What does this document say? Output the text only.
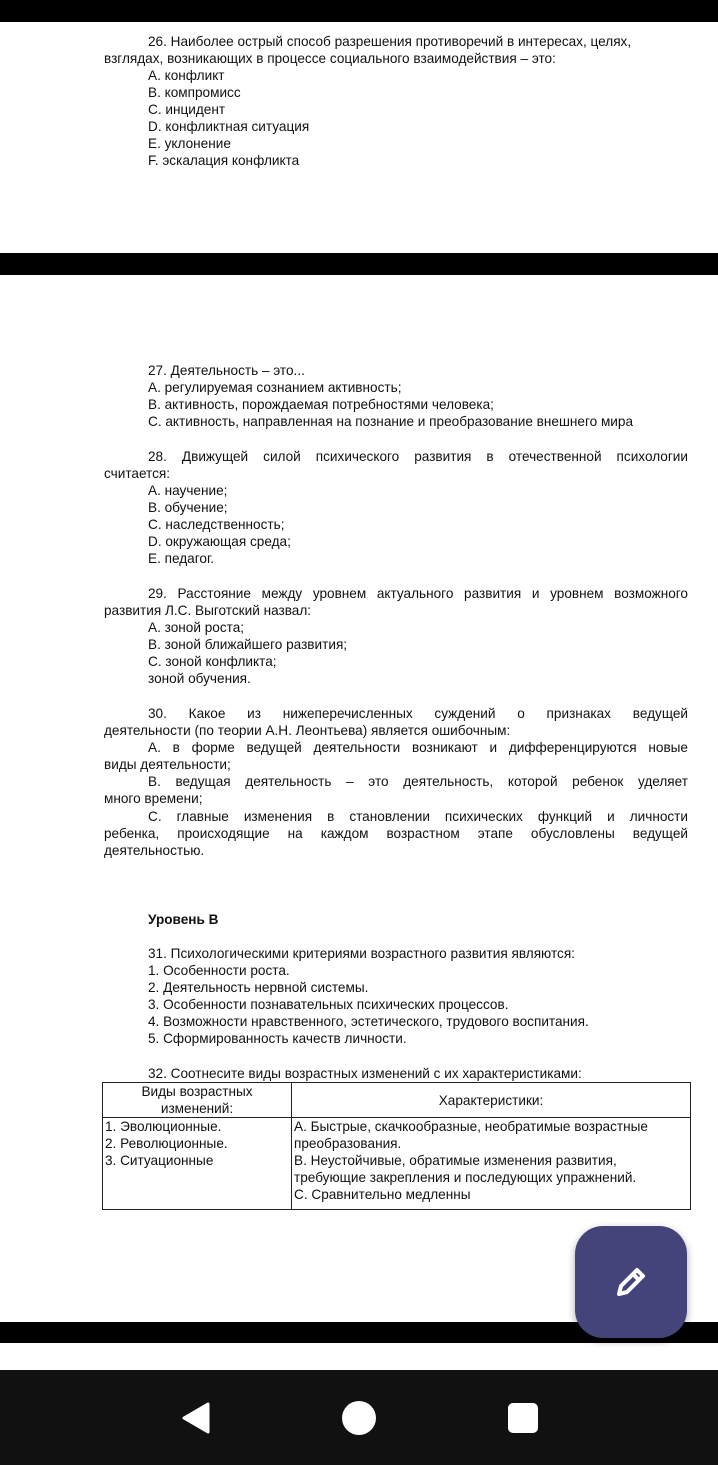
26. Наиболее острый способ разрешения противоречий в интересах, целях,
взглядах, возникающих в процессе социального взаимодействия – это:
A. конфликт
B. компромисс
C. инцидент
D. конфликтная ситуация
E. уклонение
F. эскалация конфликта
27. Деятельность – это...
A. регулируемая сознанием активность;
B. активность, порождаемая потребностями человека;
C. активность, направленная на познание и преобразование внешнего мира
28. Движущей силой психического развития в отечественной психологии
считается:
A. научение;
B. обучение;
C. наследственность;
D. окружающая среда;
E. педагог.
29. Расстояние между уровнем актуального развития и уровнем возможного
развития Л.С. Выготский назвал:
A. зоной роста;
B. зоной ближайшего развития;
C. зоной конфликта;
зоной обучения.
30. Какое из нижеперечисленных суждений о признаках ведущей
деятельности (по теории А.Н. Леонтьева) является ошибочным:
A. в форме ведущей деятельности возникают и дифференцируются новые
виды деятельности;
B. ведущая деятельность – это деятельность, которой ребенок уделяет
много времени;
C. главные изменения в становлении психических функций и личности
ребенка, происходящие на каждом возрастном этапе обусловлены ведущей
деятельностью.
Уровень В
31. Психологическими критериями возрастного развития являются:
1. Особенности роста.
2. Деятельность нервной системы.
3. Особенности познавательных психических процессов.
4. Возможности нравственного, эстетического, трудового воспитания.
5. Сформированность качеств личности.
32. Соотнесите виды возрастных изменений с их характеристиками:
Виды возрастных
изменений:	Характеристики:

1. Эволюционные.
2. Революционные.
3. Ситуационные	A. Быстрые, скачкообразные, необратимые возрастные
преобразования.
B. Неустойчивые, обратимые изменения развития,
требующие закрепления и последующих упражнений.
C. Сравнительно медленны
